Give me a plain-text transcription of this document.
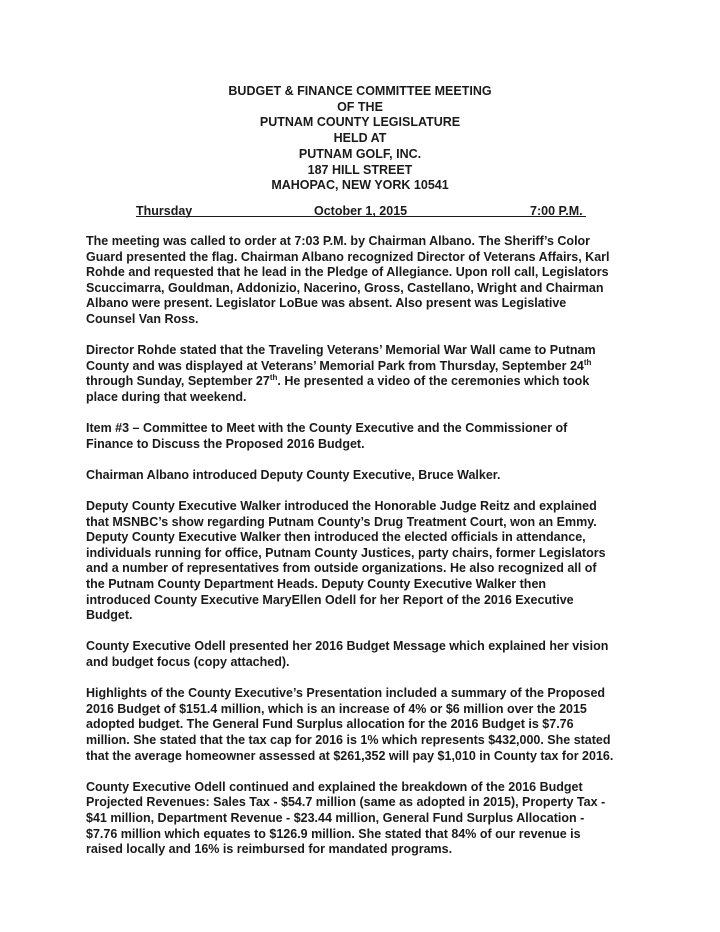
BUDGET & FINANCE COMMITTEE MEETING
OF THE
PUTNAM COUNTY LEGISLATURE
HELD AT
PUTNAM GOLF, INC.
187 HILL STREET
MAHOPAC, NEW YORK 10541
Thursday	October 1, 2015	7:00 P.M.

The meeting was called to order at 7:03 P.M. by Chairman Albano. The Sheriff’s Color
Guard presented the flag. Chairman Albano recognized Director of Veterans Affairs, Karl
Rohde and requested that he lead in the Pledge of Allegiance. Upon roll call, Legislators
Scuccimarra, Gouldman, Addonizio, Nacerino, Gross, Castellano, Wright and Chairman
Albano were present. Legislator LoBue was absent. Also present was Legislative
Counsel Van Ross.

Director Rohde stated that the Traveling Veterans’ Memorial War Wall came to Putnam
County and was displayed at Veterans’ Memorial Park from Thursday, September 24th
through Sunday, September 27th. He presented a video of the ceremonies which took
place during that weekend.

Item #3 – Committee to Meet with the County Executive and the Commissioner of
Finance to Discuss the Proposed 2016 Budget.

Chairman Albano introduced Deputy County Executive, Bruce Walker.

Deputy County Executive Walker introduced the Honorable Judge Reitz and explained
that MSNBC’s show regarding Putnam County’s Drug Treatment Court, won an Emmy.
Deputy County Executive Walker then introduced the elected officials in attendance,
individuals running for office, Putnam County Justices, party chairs, former Legislators
and a number of representatives from outside organizations. He also recognized all of
the Putnam County Department Heads. Deputy County Executive Walker then
introduced County Executive MaryEllen Odell for her Report of the 2016 Executive
Budget.

County Executive Odell presented her 2016 Budget Message which explained her vision
and budget focus (copy attached).

Highlights of the County Executive’s Presentation included a summary of the Proposed
2016 Budget of $151.4 million, which is an increase of 4% or $6 million over the 2015
adopted budget. The General Fund Surplus allocation for the 2016 Budget is $7.76
million. She stated that the tax cap for 2016 is 1% which represents $432,000. She stated
that the average homeowner assessed at $261,352 will pay $1,010 in County tax for 2016.

County Executive Odell continued and explained the breakdown of the 2016 Budget
Projected Revenues: Sales Tax - $54.7 million (same as adopted in 2015), Property Tax -
$41 million, Department Revenue - $23.44 million, General Fund Surplus Allocation -
$7.76 million which equates to $126.9 million. She stated that 84% of our revenue is
raised locally and 16% is reimbursed for mandated programs.
